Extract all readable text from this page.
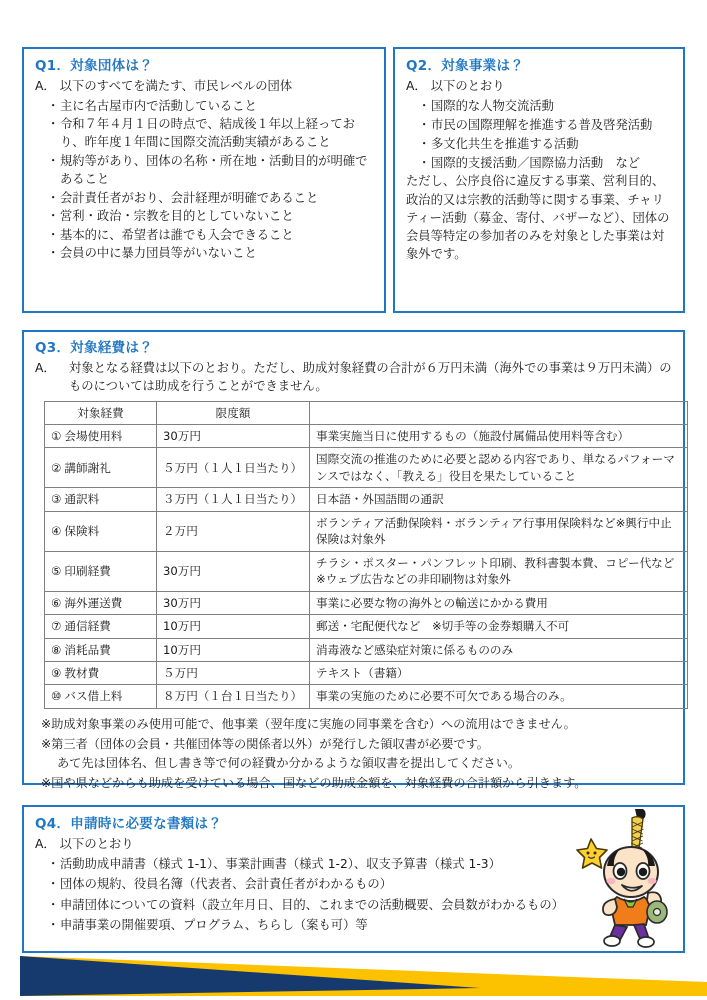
Q1．対象団体は？
A． 以下のすべてを満たす、市民レベルの団体
・ 主に名古屋市内で活動していること
・ 令和７年４月１日の時点で、結成後１年以上経っており、昨年度１年間に国際交流活動実績があること
・ 規約等があり、団体の名称・所在地・活動目的が明確であること
・ 会計責任者がおり、会計経理が明確であること
・ 営利・政治・宗教を目的としていないこと
・ 基本的に、希望者は誰でも入会できること
・ 会員の中に暴力団員等がいないこと
Q2．対象事業は？
A． 以下のとおり
・ 国際的な人物交流活動
・ 市民の国際理解を推進する普及啓発活動
・ 多文化共生を推進する活動
・ 国際的支援活動／国際協力活動　など

ただし、公序良俗に違反する事業、営利目的、政治的又は宗教的活動等に関する事業、チャリティー活動（募金、寄付、バザーなど）、団体の会員等特定の参加者のみを対象とした事業は対象外です。

Q3．対象経費は？
A．	対象となる経費は以下のとおり。ただし、助成対象経費の合計が６万円未満（海外での事業は９万円未満）のものについては助成を行うことができません。
対象経費	限度額	
① 会場使用料	30万円	事業実施当日に使用するもの（施設付属備品使用料等含む）
② 講師謝礼	５万円（１人１日当たり）	国際交流の推進のために必要と認める内容であり、単なるパフォーマンスではなく、「教える」役目を果たしていること
③ 通訳料	３万円（１人１日当たり）	日本語・外国語間の通訳
④ 保険料	２万円	ボランティア活動保険料・ボランティア行事用保険料など※興行中止保険は対象外
⑤ 印刷経費	30万円	チラシ・ポスター・パンフレット印刷、教科書製本費、コピー代など　※ウェブ広告などの非印刷物は対象外
⑥ 海外運送費	30万円	事業に必要な物の海外との輸送にかかる費用
⑦ 通信経費	10万円	郵送・宅配便代など　※切手等の金券類購入不可
⑧ 消耗品費	10万円	消毒液など感染症対策に係るもののみ
⑨ 教材費	５万円	テキスト（書籍）
⑩ バス借上料	８万円（１台１日当たり）	事業の実施のために必要不可欠である場合のみ。

※助成対象事業のみ使用可能で、他事業（翌年度に実施の同事業を含む）への流用はできません。

※第三者（団体の会員・共催団体等の関係者以外）が発行した領収書が必要です。

あて先は団体名、但し書き等で何の経費か分かるような領収書を提出してください。

※国や県などからも助成を受けている場合、国などの助成金額を、対象経費の合計額から引きます。

Q4．申請時に必要な書類は？
A． 以下のとおり
・ 活動助成申請書（様式 1-1）、事業計画書（様式 1-2）、収支予算書（様式 1-3）
・ 団体の規約、役員名簿（代表者、会計責任者がわかるもの）
・ 申請団体についての資料（設立年月日、目的、これまでの活動概要、会員数がわかるもの）
・ 申請事業の開催要項、プログラム、ちらし（案も可）等
